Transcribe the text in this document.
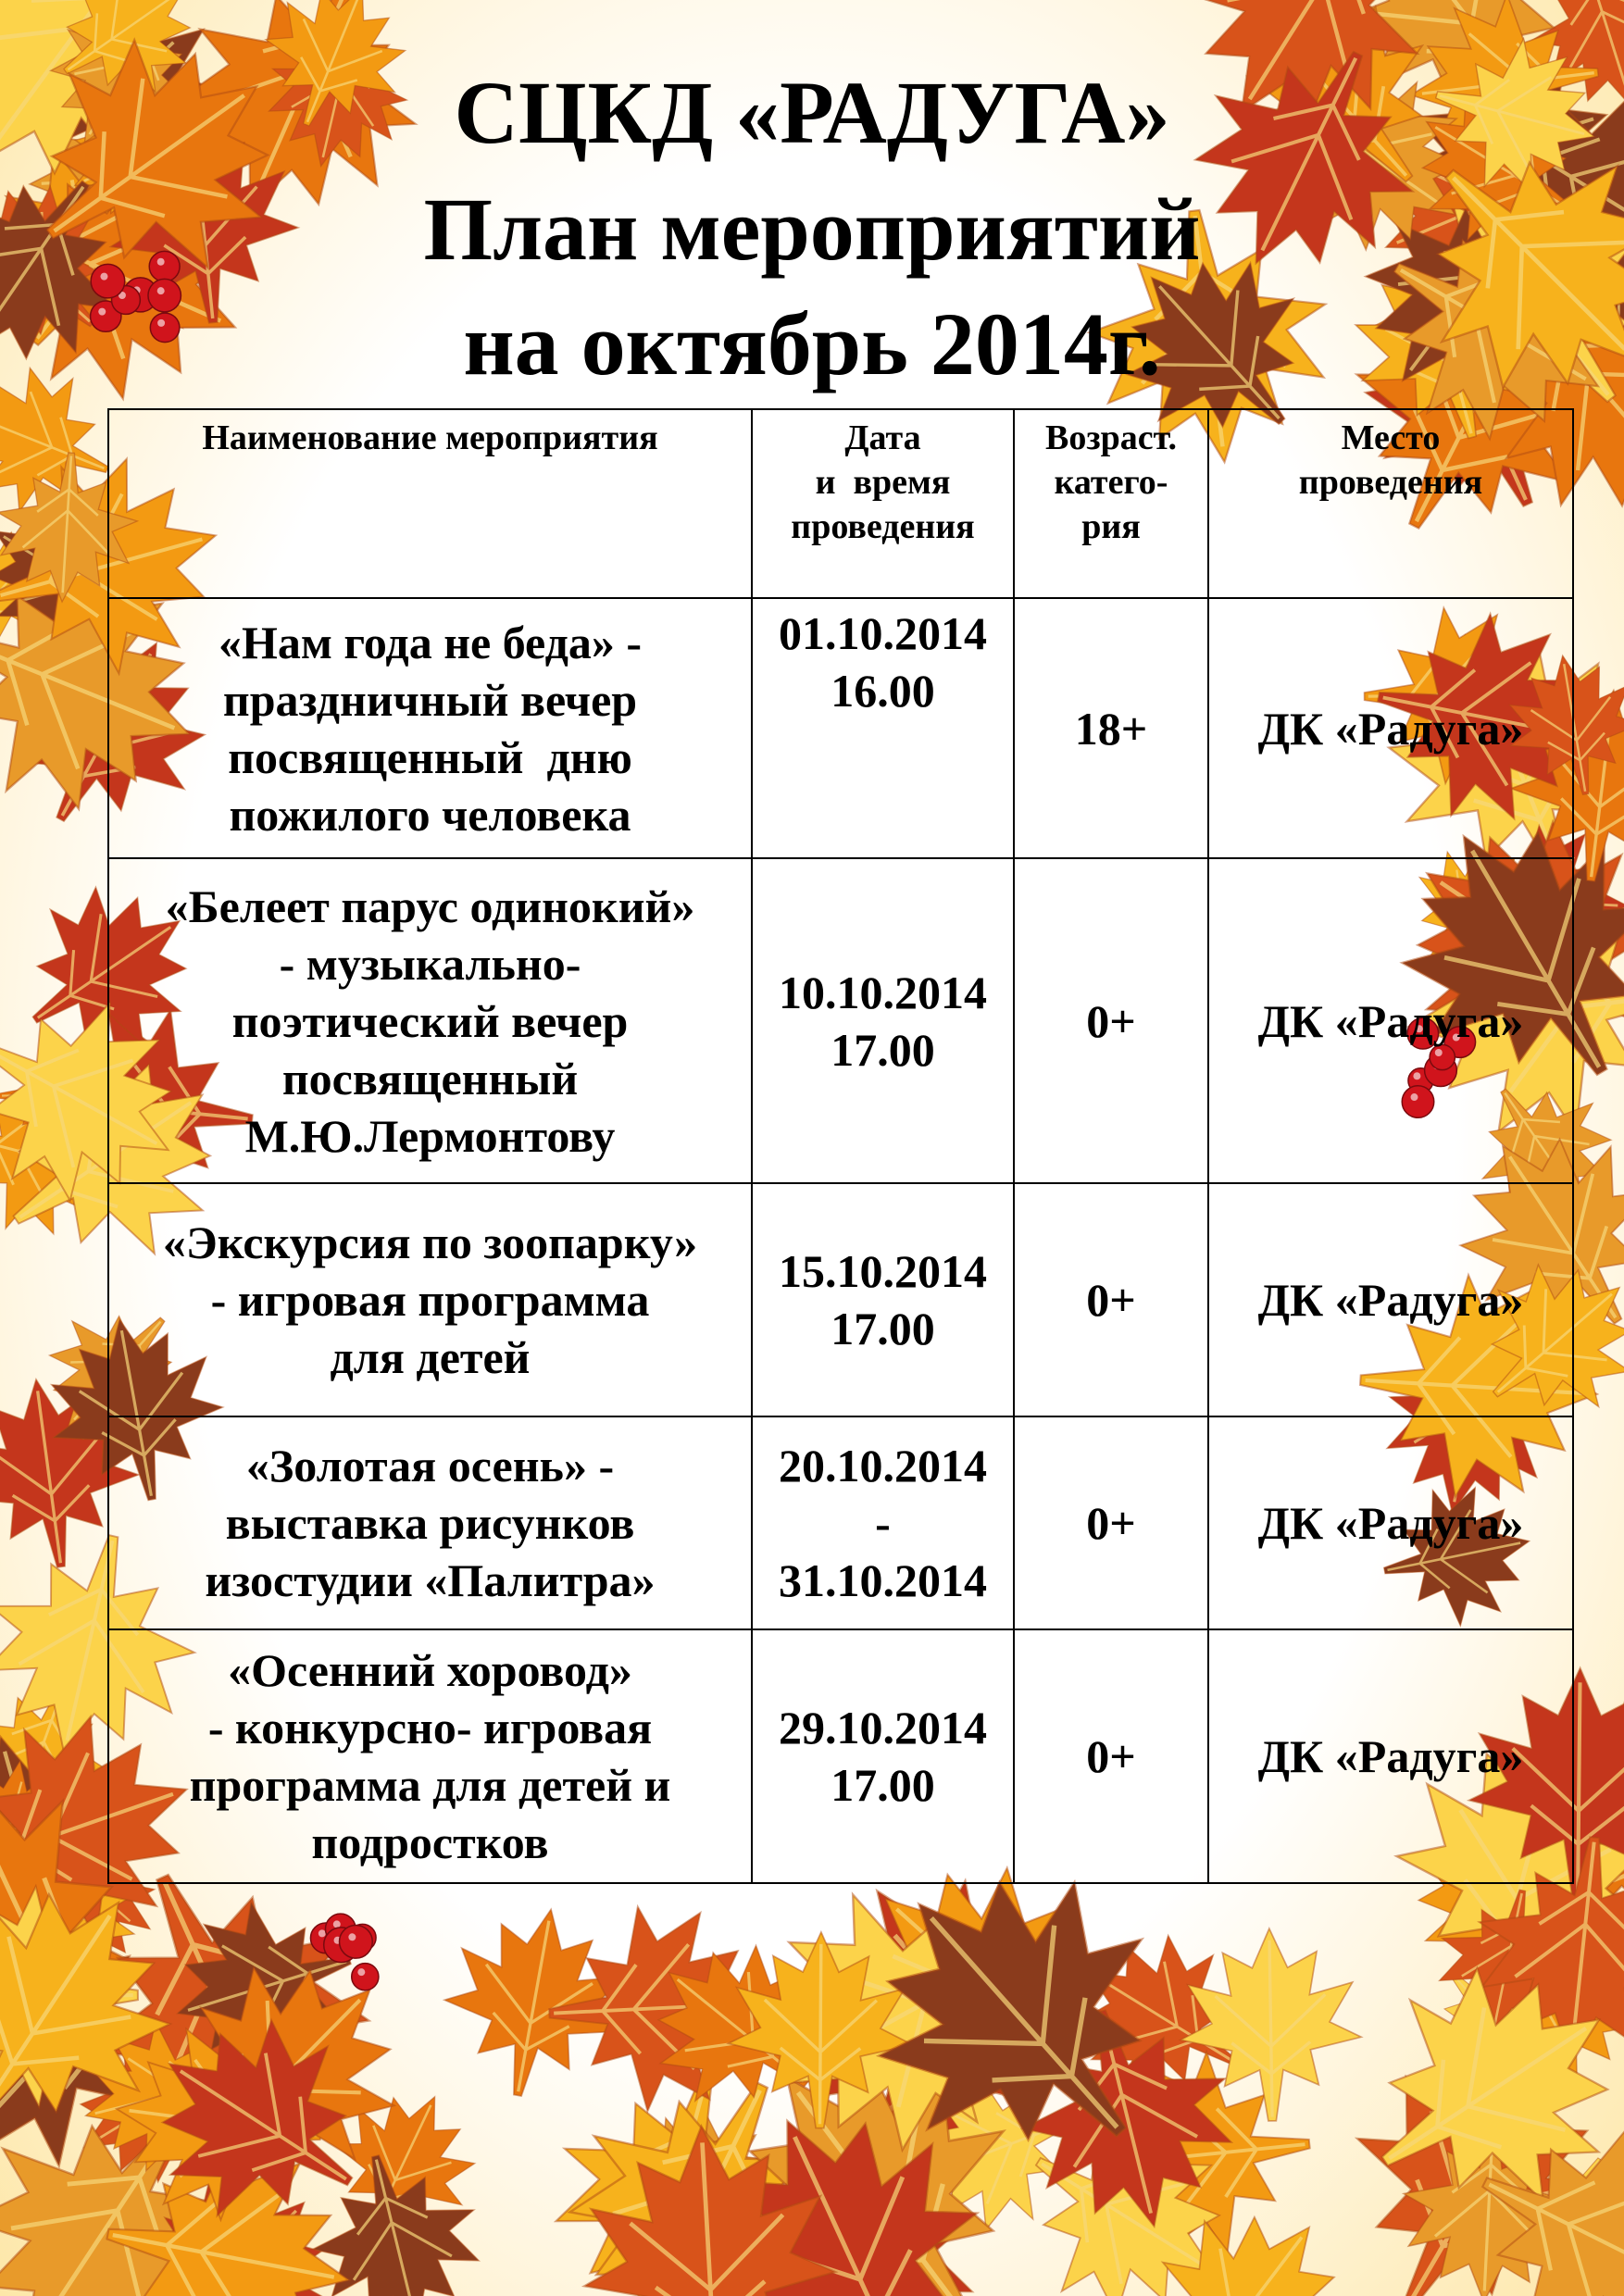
СЦКД «РАДУГА»
План мероприятий
на октябрь 2014г.
Наименование мероприятия	Дата
и  время
проведения	Возраст.
катего-
рия	Место
проведения

«Нам года не беда» -
праздничный вечер
посвященный  дню
пожилого человека	01.10.2014
16.00	18+	ДК «Радуга»

«Белеет парус одинокий»
- музыкально-
поэтический вечер
посвященный
М.Ю.Лермонтову	10.10.2014
17.00	0+	ДК «Радуга»

«Экскурсия по зоопарку»
- игровая программа
для детей	15.10.2014
17.00	0+	ДК «Радуга»

«Золотая осень» -
выставка рисунков
изостудии «Палитра»	20.10.2014
-
31.10.2014	0+	ДК «Радуга»

«Осенний хоровод»
- конкурсно- игровая
программа для детей и
подростков	29.10.2014
17.00	0+	ДК «Радуга»
